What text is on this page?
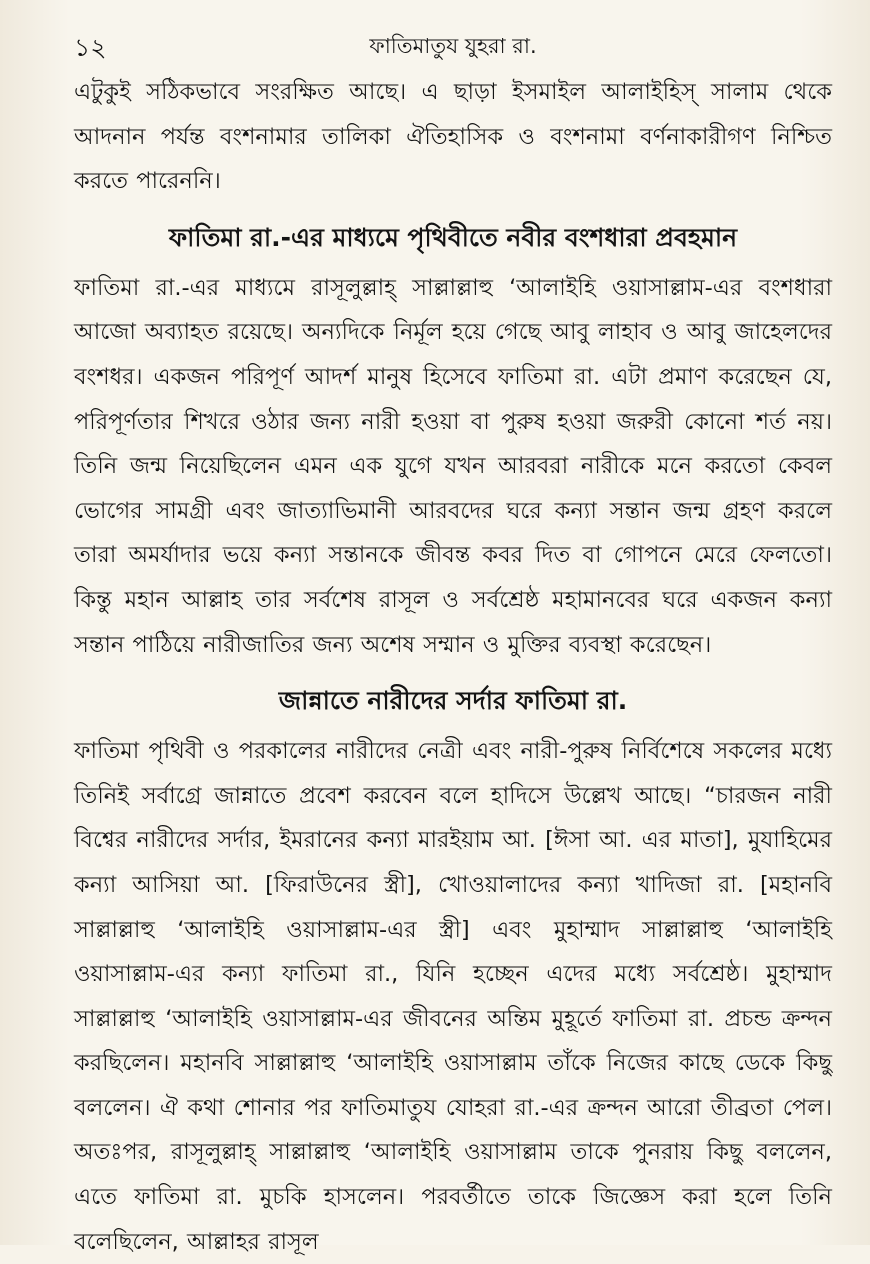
১২	ফাতিমাতুয যুহরা রা.

এটুকুই সঠিকভাবে সংরক্ষিত আছে। এ ছাড়া ইসমাইল আলাইহিস্ সালাম থেকে আদনান পর্যন্ত বংশনামার তালিকা ঐতিহাসিক ও বংশনামা বর্ণনাকারীগণ নিশ্চিত করতে পারেননি।

ফাতিমা রা.-এর মাধ্যমে পৃথিবীতে নবীর বংশধারা প্রবহমান

ফাতিমা রা.-এর মাধ্যমে রাসূলুল্লাহ্ সাল্লাল্লাহু ‘আলাইহি ওয়াসাল্লাম-এর বংশধারা আজো অব্যাহত রয়েছে। অন্যদিকে নির্মূল হয়ে গেছে আবু লাহাব ও আবু জাহেলদের বংশধর। একজন পরিপূর্ণ আদর্শ মানুষ হিসেবে ফাতিমা রা. এটা প্রমাণ করেছেন যে, পরিপূর্ণতার শিখরে ওঠার জন্য নারী হওয়া বা পুরুষ হওয়া জরুরী কোনো শর্ত নয়। তিনি জন্ম নিয়েছিলেন এমন এক যুগে যখন আরবরা নারীকে মনে করতো কেবল ভোগের সামগ্রী এবং জাত্যাভিমানী আরবদের ঘরে কন্যা সন্তান জন্ম গ্রহণ করলে তারা অমর্যাদার ভয়ে কন্যা সন্তানকে জীবন্ত কবর দিত বা গোপনে মেরে ফেলতো। কিন্তু মহান আল্লাহ তার সর্বশেষ রাসূল ও সর্বশ্রেষ্ঠ মহামানবের ঘরে একজন কন্যা সন্তান পাঠিয়ে নারীজাতির জন্য অশেষ সম্মান ও মুক্তির ব্যবস্থা করেছেন।

জান্নাতে নারীদের সর্দার ফাতিমা রা.

ফাতিমা পৃথিবী ও পরকালের নারীদের নেত্রী এবং নারী-পুরুষ নির্বিশেষে সকলের মধ্যে তিনিই সর্বাগ্রে জান্নাতে প্রবেশ করবেন বলে হাদিসে উল্লেখ আছে। “চারজন নারী বিশ্বের নারীদের সর্দার, ইমরানের কন্যা মারইয়াম আ. [ঈসা আ. এর মাতা], মুযাহিমের কন্যা আসিয়া আ. [ফিরাউনের স্ত্রী], খোওয়ালাদের কন্যা খাদিজা রা. [মহানবি সাল্লাল্লাহু ‘আলাইহি ওয়াসাল্লাম-এর স্ত্রী] এবং মুহাম্মাদ সাল্লাল্লাহু ‘আলাইহি ওয়াসাল্লাম-এর কন্যা ফাতিমা রা., যিনি হচ্ছেন এদের মধ্যে সর্বশ্রেষ্ঠ। মুহাম্মাদ সাল্লাল্লাহু ‘আলাইহি ওয়াসাল্লাম-এর জীবনের অন্তিম মুহূর্তে ফাতিমা রা. প্রচন্ড ক্রন্দন করছিলেন। মহানবি সাল্লাল্লাহু ‘আলাইহি ওয়াসাল্লাম তাঁকে নিজের কাছে ডেকে কিছু বললেন। ঐ কথা শোনার পর ফাতিমাতুয যোহরা রা.-এর ক্রন্দন আরো তীব্রতা পেল। অতঃপর, রাসূলুল্লাহ্ সাল্লাল্লাহু ‘আলাইহি ওয়াসাল্লাম তাকে পুনরায় কিছু বললেন, এতে ফাতিমা রা. মুচকি হাসলেন। পরবর্তীতে তাকে জিজ্ঞেস করা হলে তিনি বলেছিলেন, আল্লাহর রাসূল
